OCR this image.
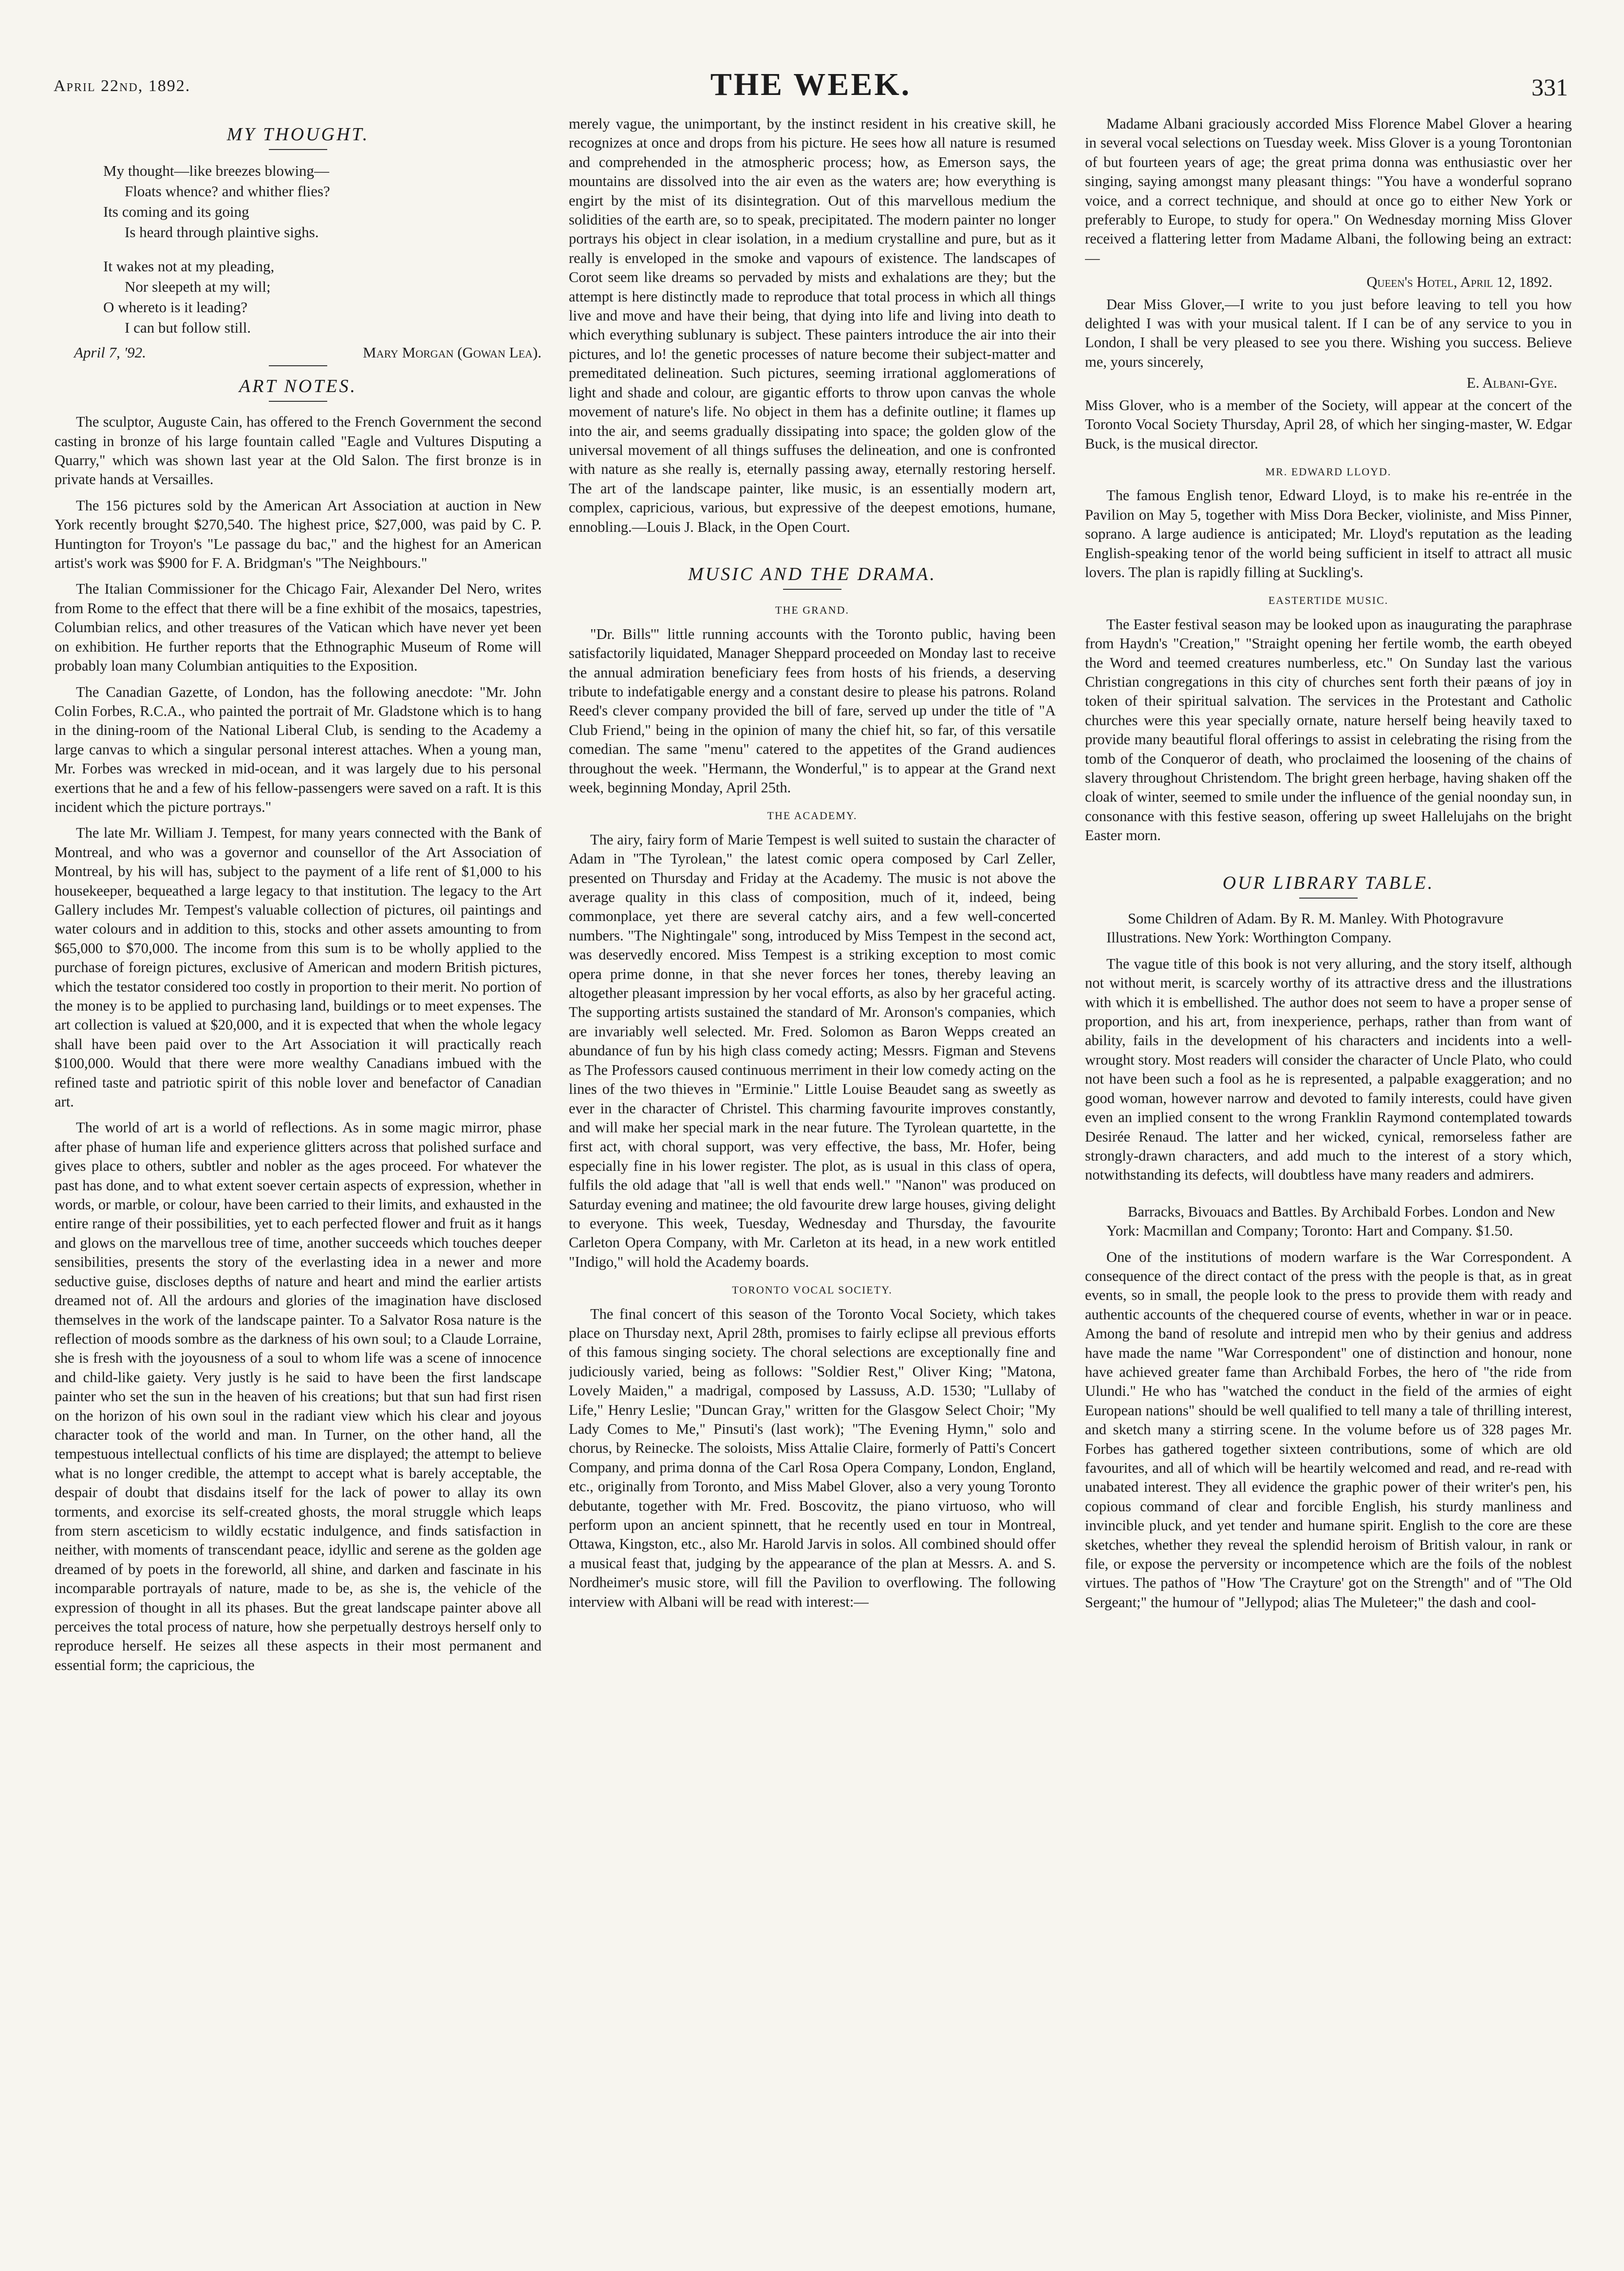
April 22nd, 1892.	THE WEEK.	331
MY THOUGHT.
My thought—like breezes blowing—
Floats whence? and whither flies?
Its coming and its going
Is heard through plaintive sighs.
It wakes not at my pleading,
Nor sleepeth at my will;
O whereto is it leading?
I can but follow still.
April 7, '92.	Mary Morgan (Gowan Lea).
ART NOTES.

The sculptor, Auguste Cain, has offered to the French Government the second casting in bronze of his large fountain called "Eagle and Vultures Disputing a Quarry," which was shown last year at the Old Salon. The first bronze is in private hands at Versailles.

The 156 pictures sold by the American Art Association at auction in New York recently brought $270,540. The highest price, $27,000, was paid by C. P. Huntington for Troyon's "Le passage du bac," and the highest for an American artist's work was $900 for F. A. Bridgman's "The Neighbours."

The Italian Commissioner for the Chicago Fair, Alexander Del Nero, writes from Rome to the effect that there will be a fine exhibit of the mosaics, tapestries, Columbian relics, and other treasures of the Vatican which have never yet been on exhibition. He further reports that the Ethnographic Museum of Rome will probably loan many Columbian antiquities to the Exposition.

The Canadian Gazette, of London, has the following anecdote: "Mr. John Colin Forbes, R.C.A., who painted the portrait of Mr. Gladstone which is to hang in the dining-room of the National Liberal Club, is sending to the Academy a large canvas to which a singular personal interest attaches. When a young man, Mr. Forbes was wrecked in mid-ocean, and it was largely due to his personal exertions that he and a few of his fellow-passengers were saved on a raft. It is this incident which the picture portrays."

The late Mr. William J. Tempest, for many years connected with the Bank of Montreal, and who was a governor and counsellor of the Art Association of Montreal, by his will has, subject to the payment of a life rent of $1,000 to his housekeeper, bequeathed a large legacy to that institution. The legacy to the Art Gallery includes Mr. Tempest's valuable collection of pictures, oil paintings and water colours and in addition to this, stocks and other assets amounting to from $65,000 to $70,000. The income from this sum is to be wholly applied to the purchase of foreign pictures, exclusive of American and modern British pictures, which the testator considered too costly in proportion to their merit. No portion of the money is to be applied to purchasing land, buildings or to meet expenses. The art collection is valued at $20,000, and it is expected that when the whole legacy shall have been paid over to the Art Association it will practically reach $100,000. Would that there were more wealthy Canadians imbued with the refined taste and patriotic spirit of this noble lover and benefactor of Canadian art.

The world of art is a world of reflections. As in some magic mirror, phase after phase of human life and experience glitters across that polished surface and gives place to others, subtler and nobler as the ages proceed. For whatever the past has done, and to what extent soever certain aspects of expression, whether in words, or marble, or colour, have been carried to their limits, and exhausted in the entire range of their possibilities, yet to each perfected flower and fruit as it hangs and glows on the marvellous tree of time, another succeeds which touches deeper sensibilities, presents the story of the everlasting idea in a newer and more seductive guise, discloses depths of nature and heart and mind the earlier artists dreamed not of. All the ardours and glories of the imagination have disclosed themselves in the work of the landscape painter. To a Salvator Rosa nature is the reflection of moods sombre as the darkness of his own soul; to a Claude Lorraine, she is fresh with the joyousness of a soul to whom life was a scene of innocence and child-like gaiety. Very justly is he said to have been the first landscape painter who set the sun in the heaven of his creations; but that sun had first risen on the horizon of his own soul in the radiant view which his clear and joyous character took of the world and man. In Turner, on the other hand, all the tempestuous intellectual conflicts of his time are displayed; the attempt to believe what is no longer credible, the attempt to accept what is barely acceptable, the despair of doubt that disdains itself for the lack of power to allay its own torments, and exorcise its self-created ghosts, the moral struggle which leaps from stern asceticism to wildly ecstatic indulgence, and finds satisfaction in neither, with moments of transcendant peace, idyllic and serene as the golden age dreamed of by poets in the foreworld, all shine, and darken and fascinate in his incomparable portrayals of nature, made to be, as she is, the vehicle of the expression of thought in all its phases. But the great landscape painter above all perceives the total process of nature, how she perpetually destroys herself only to reproduce herself. He seizes all these aspects in their most permanent and essential form; the capricious, the

merely vague, the unimportant, by the instinct resident in his creative skill, he recognizes at once and drops from his picture. He sees how all nature is resumed and comprehended in the atmospheric process; how, as Emerson says, the mountains are dissolved into the air even as the waters are; how everything is engirt by the mist of its disintegration. Out of this marvellous medium the solidities of the earth are, so to speak, precipitated. The modern painter no longer portrays his object in clear isolation, in a medium crystalline and pure, but as it really is enveloped in the smoke and vapours of existence. The landscapes of Corot seem like dreams so pervaded by mists and exhalations are they; but the attempt is here distinctly made to reproduce that total process in which all things live and move and have their being, that dying into life and living into death to which everything sublunary is subject. These painters introduce the air into their pictures, and lo! the genetic processes of nature become their subject-matter and premeditated delineation. Such pictures, seeming irrational agglomerations of light and shade and colour, are gigantic efforts to throw upon canvas the whole movement of nature's life. No object in them has a definite outline; it flames up into the air, and seems gradually dissipating into space; the golden glow of the universal movement of all things suffuses the delineation, and one is confronted with nature as she really is, eternally passing away, eternally restoring herself. The art of the landscape painter, like music, is an essentially modern art, complex, capricious, various, but expressive of the deepest emotions, humane, ennobling.—Louis J. Black, in the Open Court.

MUSIC AND THE DRAMA.
THE GRAND.

"Dr. Bills'" little running accounts with the Toronto public, having been satisfactorily liquidated, Manager Sheppard proceeded on Monday last to receive the annual admiration beneficiary fees from hosts of his friends, a deserving tribute to indefatigable energy and a constant desire to please his patrons. Roland Reed's clever company provided the bill of fare, served up under the title of "A Club Friend," being in the opinion of many the chief hit, so far, of this versatile comedian. The same "menu" catered to the appetites of the Grand audiences throughout the week. "Hermann, the Wonderful," is to appear at the Grand next week, beginning Monday, April 25th.

THE ACADEMY.

The airy, fairy form of Marie Tempest is well suited to sustain the character of Adam in "The Tyrolean," the latest comic opera composed by Carl Zeller, presented on Thursday and Friday at the Academy. The music is not above the average quality in this class of composition, much of it, indeed, being commonplace, yet there are several catchy airs, and a few well-concerted numbers. "The Nightingale" song, introduced by Miss Tempest in the second act, was deservedly encored. Miss Tempest is a striking exception to most comic opera prime donne, in that she never forces her tones, thereby leaving an altogether pleasant impression by her vocal efforts, as also by her graceful acting. The supporting artists sustained the standard of Mr. Aronson's companies, which are invariably well selected. Mr. Fred. Solomon as Baron Wepps created an abundance of fun by his high class comedy acting; Messrs. Figman and Stevens as The Professors caused continuous merriment in their low comedy acting on the lines of the two thieves in "Erminie." Little Louise Beaudet sang as sweetly as ever in the character of Christel. This charming favourite improves constantly, and will make her special mark in the near future. The Tyrolean quartette, in the first act, with choral support, was very effective, the bass, Mr. Hofer, being especially fine in his lower register. The plot, as is usual in this class of opera, fulfils the old adage that "all is well that ends well." "Nanon" was produced on Saturday evening and matinee; the old favourite drew large houses, giving delight to everyone. This week, Tuesday, Wednesday and Thursday, the favourite Carleton Opera Company, with Mr. Carleton at its head, in a new work entitled "Indigo," will hold the Academy boards.

TORONTO VOCAL SOCIETY.

The final concert of this season of the Toronto Vocal Society, which takes place on Thursday next, April 28th, promises to fairly eclipse all previous efforts of this famous singing society. The choral selections are exceptionally fine and judiciously varied, being as follows: "Soldier Rest," Oliver King; "Matona, Lovely Maiden," a madrigal, composed by Lassuss, A.D. 1530; "Lullaby of Life," Henry Leslie; "Duncan Gray," written for the Glasgow Select Choir; "My Lady Comes to Me," Pinsuti's (last work); "The Evening Hymn," solo and chorus, by Reinecke. The soloists, Miss Attalie Claire, formerly of Patti's Concert Company, and prima donna of the Carl Rosa Opera Company, London, England, etc., originally from Toronto, and Miss Mabel Glover, also a very young Toronto debutante, together with Mr. Fred. Boscovitz, the piano virtuoso, who will perform upon an ancient spinnett, that he recently used en tour in Montreal, Ottawa, Kingston, etc., also Mr. Harold Jarvis in solos. All combined should offer a musical feast that, judging by the appearance of the plan at Messrs. A. and S. Nordheimer's music store, will fill the Pavilion to overflowing. The following interview with Albani will be read with interest:—

Madame Albani graciously accorded Miss Florence Mabel Glover a hearing in several vocal selections on Tuesday week. Miss Glover is a young Torontonian of but fourteen years of age; the great prima donna was enthusiastic over her singing, saying amongst many pleasant things: "You have a wonderful soprano voice, and a correct technique, and should at once go to either New York or preferably to Europe, to study for opera." On Wednesday morning Miss Glover received a flattering letter from Madame Albani, the following being an extract:—

Queen's Hotel, April 12, 1892.

Dear Miss Glover,—I write to you just before leaving to tell you how delighted I was with your musical talent. If I can be of any service to you in London, I shall be very pleased to see you there. Wishing you success. Believe me, yours sincerely,

E. Albani-Gye.

Miss Glover, who is a member of the Society, will appear at the concert of the Toronto Vocal Society Thursday, April 28, of which her singing-master, W. Edgar Buck, is the musical director.

MR. EDWARD LLOYD.

The famous English tenor, Edward Lloyd, is to make his re-entrée in the Pavilion on May 5, together with Miss Dora Becker, violiniste, and Miss Pinner, soprano. A large audience is anticipated; Mr. Lloyd's reputation as the leading English-speaking tenor of the world being sufficient in itself to attract all music lovers. The plan is rapidly filling at Suckling's.

EASTERTIDE MUSIC.

The Easter festival season may be looked upon as inaugurating the paraphrase from Haydn's "Creation," "Straight opening her fertile womb, the earth obeyed the Word and teemed creatures numberless, etc." On Sunday last the various Christian congregations in this city of churches sent forth their pæans of joy in token of their spiritual salvation. The services in the Protestant and Catholic churches were this year specially ornate, nature herself being heavily taxed to provide many beautiful floral offerings to assist in celebrating the rising from the tomb of the Conqueror of death, who proclaimed the loosening of the chains of slavery throughout Christendom. The bright green herbage, having shaken off the cloak of winter, seemed to smile under the influence of the genial noonday sun, in consonance with this festive season, offering up sweet Hallelujahs on the bright Easter morn.

OUR LIBRARY TABLE.

Some Children of Adam. By R. M. Manley. With Photogravure Illustrations. New York: Worthington Company.

The vague title of this book is not very alluring, and the story itself, although not without merit, is scarcely worthy of its attractive dress and the illustrations with which it is embellished. The author does not seem to have a proper sense of proportion, and his art, from inexperience, perhaps, rather than from want of ability, fails in the development of his characters and incidents into a well-wrought story. Most readers will consider the character of Uncle Plato, who could not have been such a fool as he is represented, a palpable exaggeration; and no good woman, however narrow and devoted to family interests, could have given even an implied consent to the wrong Franklin Raymond contemplated towards Desirée Renaud. The latter and her wicked, cynical, remorseless father are strongly-drawn characters, and add much to the interest of a story which, notwithstanding its defects, will doubtless have many readers and admirers.

Barracks, Bivouacs and Battles. By Archibald Forbes. London and New York: Macmillan and Company; Toronto: Hart and Company. $1.50.

One of the institutions of modern warfare is the War Correspondent. A consequence of the direct contact of the press with the people is that, as in great events, so in small, the people look to the press to provide them with ready and authentic accounts of the chequered course of events, whether in war or in peace. Among the band of resolute and intrepid men who by their genius and address have made the name "War Correspondent" one of distinction and honour, none have achieved greater fame than Archibald Forbes, the hero of "the ride from Ulundi." He who has "watched the conduct in the field of the armies of eight European nations" should be well qualified to tell many a tale of thrilling interest, and sketch many a stirring scene. In the volume before us of 328 pages Mr. Forbes has gathered together sixteen contributions, some of which are old favourites, and all of which will be heartily welcomed and read, and re-read with unabated interest. They all evidence the graphic power of their writer's pen, his copious command of clear and forcible English, his sturdy manliness and invincible pluck, and yet tender and humane spirit. English to the core are these sketches, whether they reveal the splendid heroism of British valour, in rank or file, or expose the perversity or incompetence which are the foils of the noblest virtues. The pathos of "How 'The Crayture' got on the Strength" and of "The Old Sergeant;" the humour of "Jellypod; alias The Muleteer;" the dash and cool-
